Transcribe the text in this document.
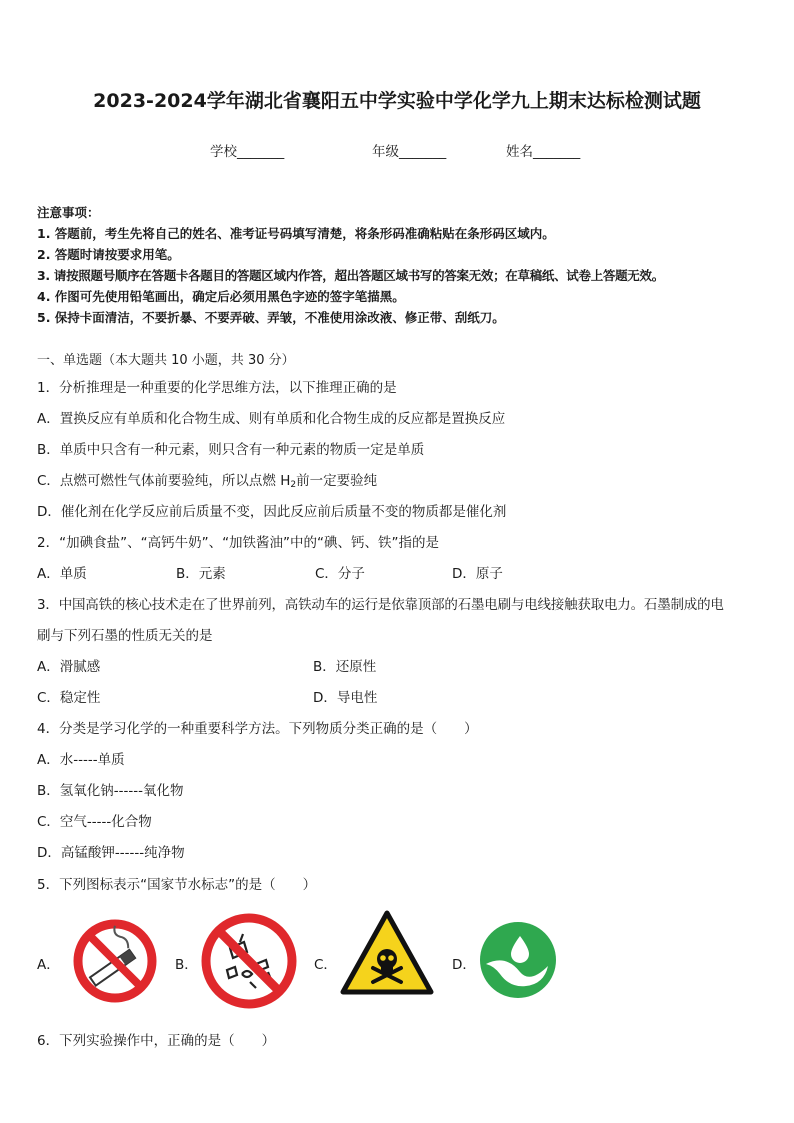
2023-2024学年湖北省襄阳五中学实验中学化学九上期末达标检测试题
学校_______	年级_______	姓名_______
注意事项：
1. 答题前，考生先将自己的姓名、准考证号码填写清楚，将条形码准确粘贴在条形码区域内。
2. 答题时请按要求用笔。
3. 请按照题号顺序在答题卡各题目的答题区域内作答，超出答题区域书写的答案无效；在草稿纸、试卷上答题无效。
4. 作图可先使用铅笔画出，确定后必须用黑色字迹的签字笔描黑。
5. 保持卡面清洁，不要折暴、不要弄破、弄皱，不准使用涂改液、修正带、刮纸刀。
一、单选题（本大题共 10 小题，共 30 分）
1．分析推理是一种重要的化学思维方法，以下推理正确的是
A．置换反应有单质和化合物生成、则有单质和化合物生成的反应都是置换反应
B．单质中只含有一种元素，则只含有一种元素的物质一定是单质
C．点燃可燃性气体前要验纯，所以点燃 $H_2$前一定要验纯
D．催化剂在化学反应前后质量不变，因此反应前后质量不变的物质都是催化剂
2．“加碘食盐”、“高钙牛奶”、“加铁酱油”中的“碘、钙、铁”指的是
A．单质	B．元素	C．分子	D．原子
3．中国高铁的核心技术走在了世界前列，高铁动车的运行是依靠顶部的石墨电刷与电线接触获取电力。石墨制成的电
刷与下列石墨的性质无关的是
A．滑腻感	B．还原性
C．稳定性	D．导电性
4．分类是学习化学的一种重要科学方法。下列物质分类正确的是（　　）
A．水-----单质
B．氢氧化钠------氧化物
C．空气-----化合物
D．高锰酸钾------纯净物
5．下列图标表示“国家节水标志”的是（　　）
A．	B．	C．	D．
6．下列实验操作中，正确的是（　　）
